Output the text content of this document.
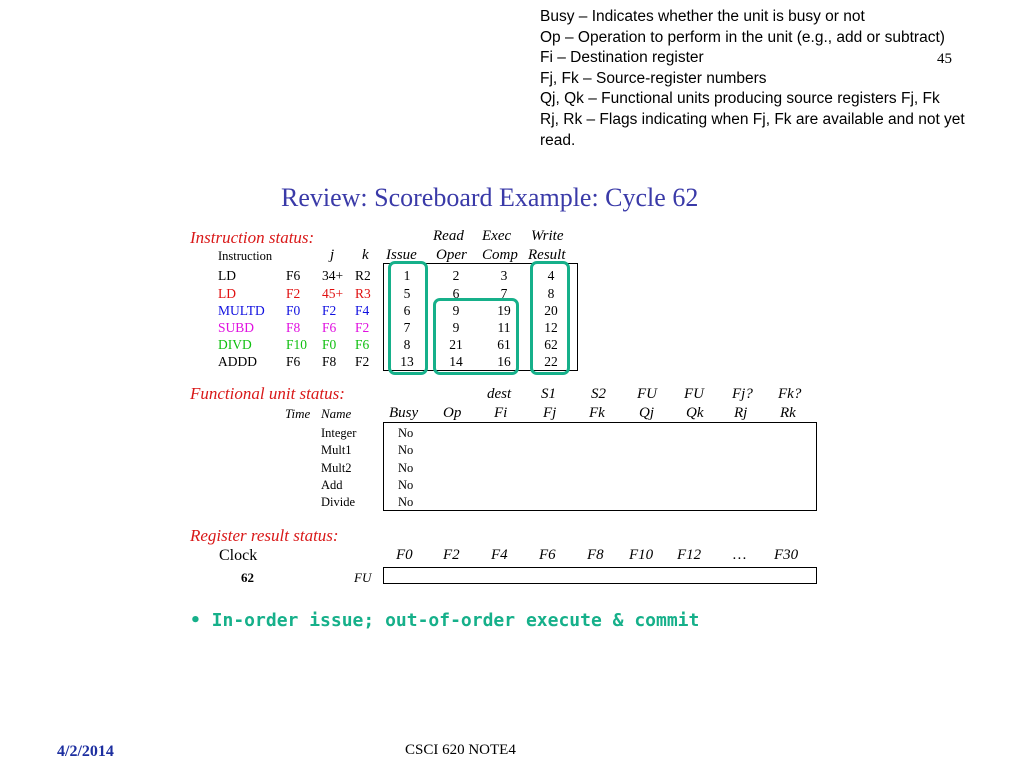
Busy – Indicates whether the unit is busy or not
Op – Operation to perform in the unit (e.g., add or subtract)
Fi – Destination register
Fj, Fk – Source-register numbers
Qj, Qk – Functional units producing source registers Fj, Fk
Rj, Rk – Flags indicating when Fj, Fk are available and not yet
read.
45
Review: Scoreboard Example: Cycle 62
Instruction status:	Read Exec Write
Instruction	j k Issue Oper Comp Result
LD	F6 34+ R2	1	2	3	4
LD	F2 45+ R3	5	6	7	8
MULTD F0 F2 F4	6	9	19	20
SUBD F8 F6 F2	7	9	11	12
DIVD	F10 F0 F6	8	21	61	62
ADDD F6 F8 F2	13	14	16	22
Functional unit status:	dest S1 S2 FU FU Fj? Fk?
Time Name	Busy Op Fi Fj Fk Qj Qk Rj Rk
Integer	No
Mult1	No
Mult2	No
Add	No
Divide	No
Register result status:
Clock
62	FU
F0 F2 F4 F6 F8 F10 F12 … F30
• In-order issue; out-of-order execute & commit
4/2/2014	CSCI 620 NOTE4
